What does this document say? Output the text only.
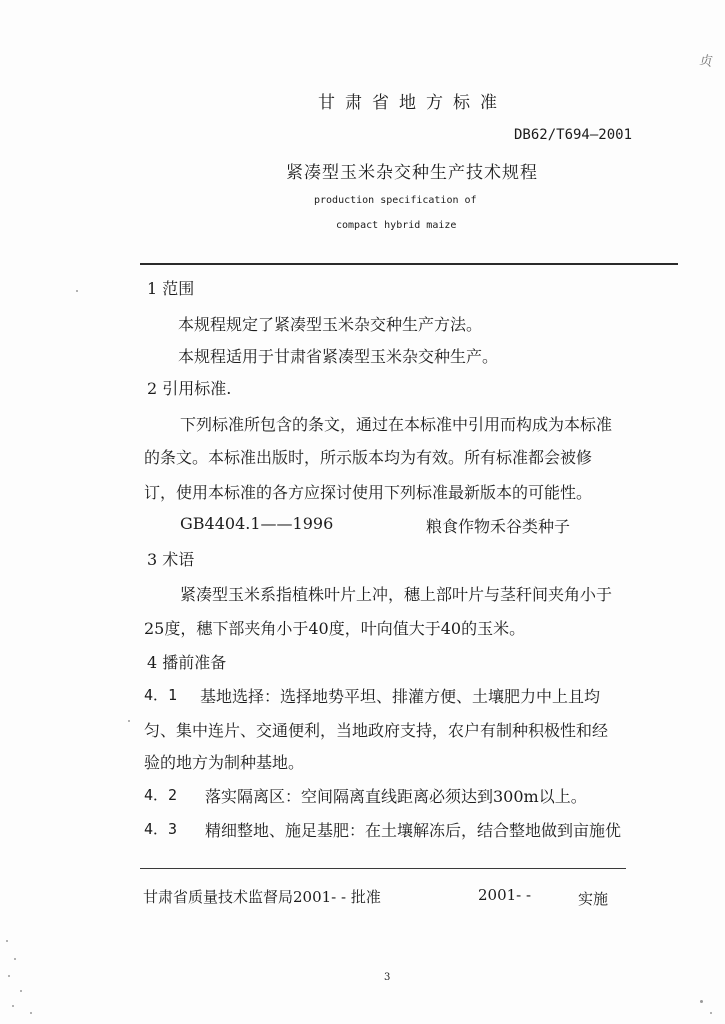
贞
甘肃省地方标准
DB62/T694—2001
紧凑型玉米杂交种生产技术规程
production specification of
compact hybrid maize
1 范围
本规程规定了紧凑型玉米杂交种生产方法。
本规程适用于甘肃省紧凑型玉米杂交种生产。
2 引用标准.
下列标准所包含的条文，通过在本标准中引用而构成为本标准
的条文。本标准出版时，所示版本均为有效。所有标准都会被修
订，使用本标准的各方应探讨使用下列标准最新版本的可能性。
GB4404.1——1996	粮食作物禾谷类种子
3 术语
紧凑型玉米系指植株叶片上冲，穗上部叶片与茎秆间夹角小于
25度，穗下部夹角小于40度，叶向值大于40的玉米。
4 播前准备
4．1 基地选择：选择地势平坦、排灌方便、土壤肥力中上且均
匀、集中连片、交通便利，当地政府支持，农户有制种积极性和经
验的地方为制种基地。
4．2 落实隔离区：空间隔离直线距离必须达到300m以上。
4．3 精细整地、施足基肥：在土壤解冻后，结合整地做到亩施优
甘肃省质量技术监督局2001- - 批准	2001- -	实施
3
